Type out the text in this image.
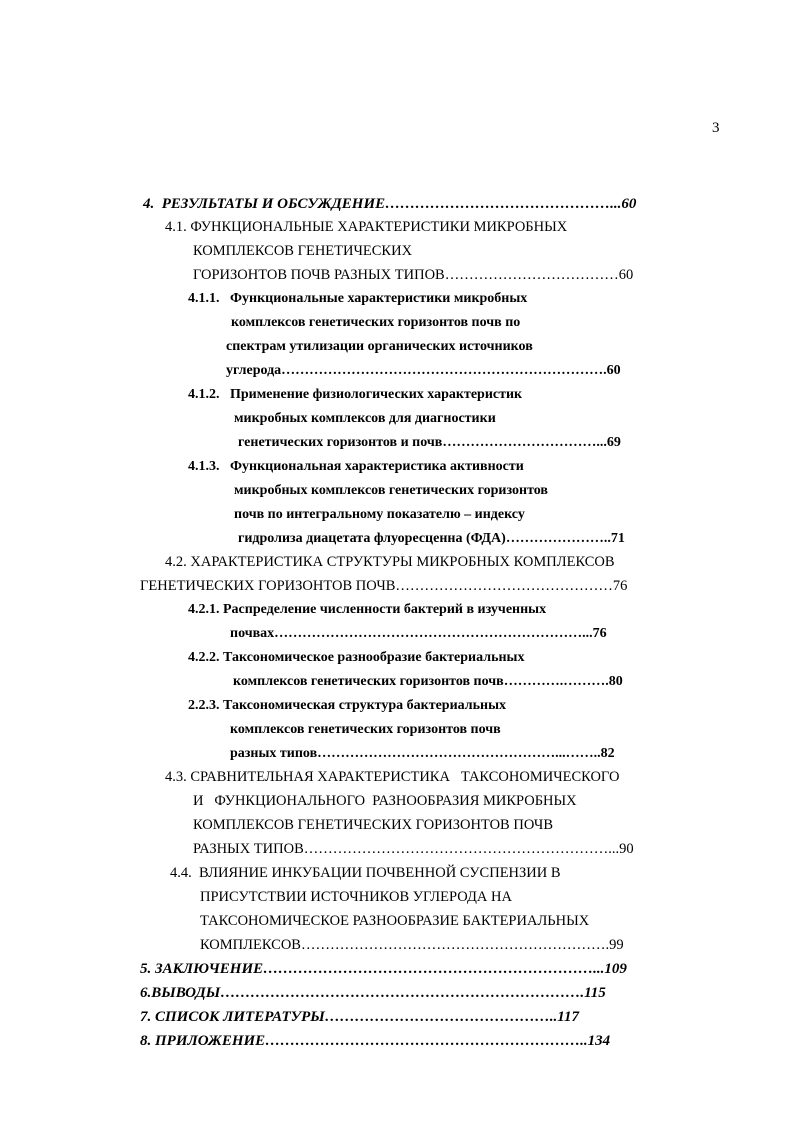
3
4.  РЕЗУЛЬТАТЫ И ОБСУЖДЕНИЕ………………………………………...60
4.1. ФУНКЦИОНАЛЬНЫЕ ХАРАКТЕРИСТИКИ МИКРОБНЫХ
КОМПЛЕКСОВ ГЕНЕТИЧЕСКИХ
ГОРИЗОНТОВ ПОЧВ РАЗНЫХ ТИПОВ………………………………60
4.1.1.   Функциональные характеристики микробных
комплексов генетических горизонтов почв по
спектрам утилизации органических источников
углерода…………………………………………………………….60
4.1.2.   Применение физиологических характеристик
микробных комплексов для диагностики
генетических горизонтов и почв……………………………...69
4.1.3.   Функциональная характеристика активности
микробных комплексов генетических горизонтов
почв по интегральному показателю – индексу
гидролиза диацетата флуоресценна (ФДА)…………………..71
4.2. ХАРАКТЕРИСТИКА СТРУКТУРЫ МИКРОБНЫХ КОМПЛЕКСОВ
ГЕНЕТИЧЕСКИХ ГОРИЗОНТОВ ПОЧВ………………………………………76
4.2.1. Распределение численности бактерий в изученных
почвах…………………………………………………………...76
4.2.2. Таксономическое разнообразие бактериальных
комплексов генетических горизонтов почв………….……….80
2.2.3. Таксономическая структура бактериальных
комплексов генетических горизонтов почв
разных типов……………………………………………...……..82
4.3. СРАВНИТЕЛЬНАЯ ХАРАКТЕРИСТИКА   ТАКСОНОМИЧЕСКОГО
И   ФУНКЦИОНАЛЬНОГО  РАЗНООБРАЗИЯ МИКРОБНЫХ
КОМПЛЕКСОВ ГЕНЕТИЧЕСКИХ ГОРИЗОНТОВ ПОЧВ
РАЗНЫХ ТИПОВ………………………………………………………...90
4.4.  ВЛИЯНИЕ ИНКУБАЦИИ ПОЧВЕННОЙ СУСПЕНЗИИ В
ПРИСУТСТВИИ ИСТОЧНИКОВ УГЛЕРОДА НА
ТАКСОНОМИЧЕСКОЕ РАЗНООБРАЗИЕ БАКТЕРИАЛЬНЫХ
КОМПЛЕКСОВ……………………………………………………….99
5. ЗАКЛЮЧЕНИЕ…………………………………………………………...109
6.ВЫВОДЫ……………………………………………………………….115
7. СПИСОК ЛИТЕРАТУРЫ………………………………………..117
8. ПРИЛОЖЕНИЕ………………………………………………………..134
